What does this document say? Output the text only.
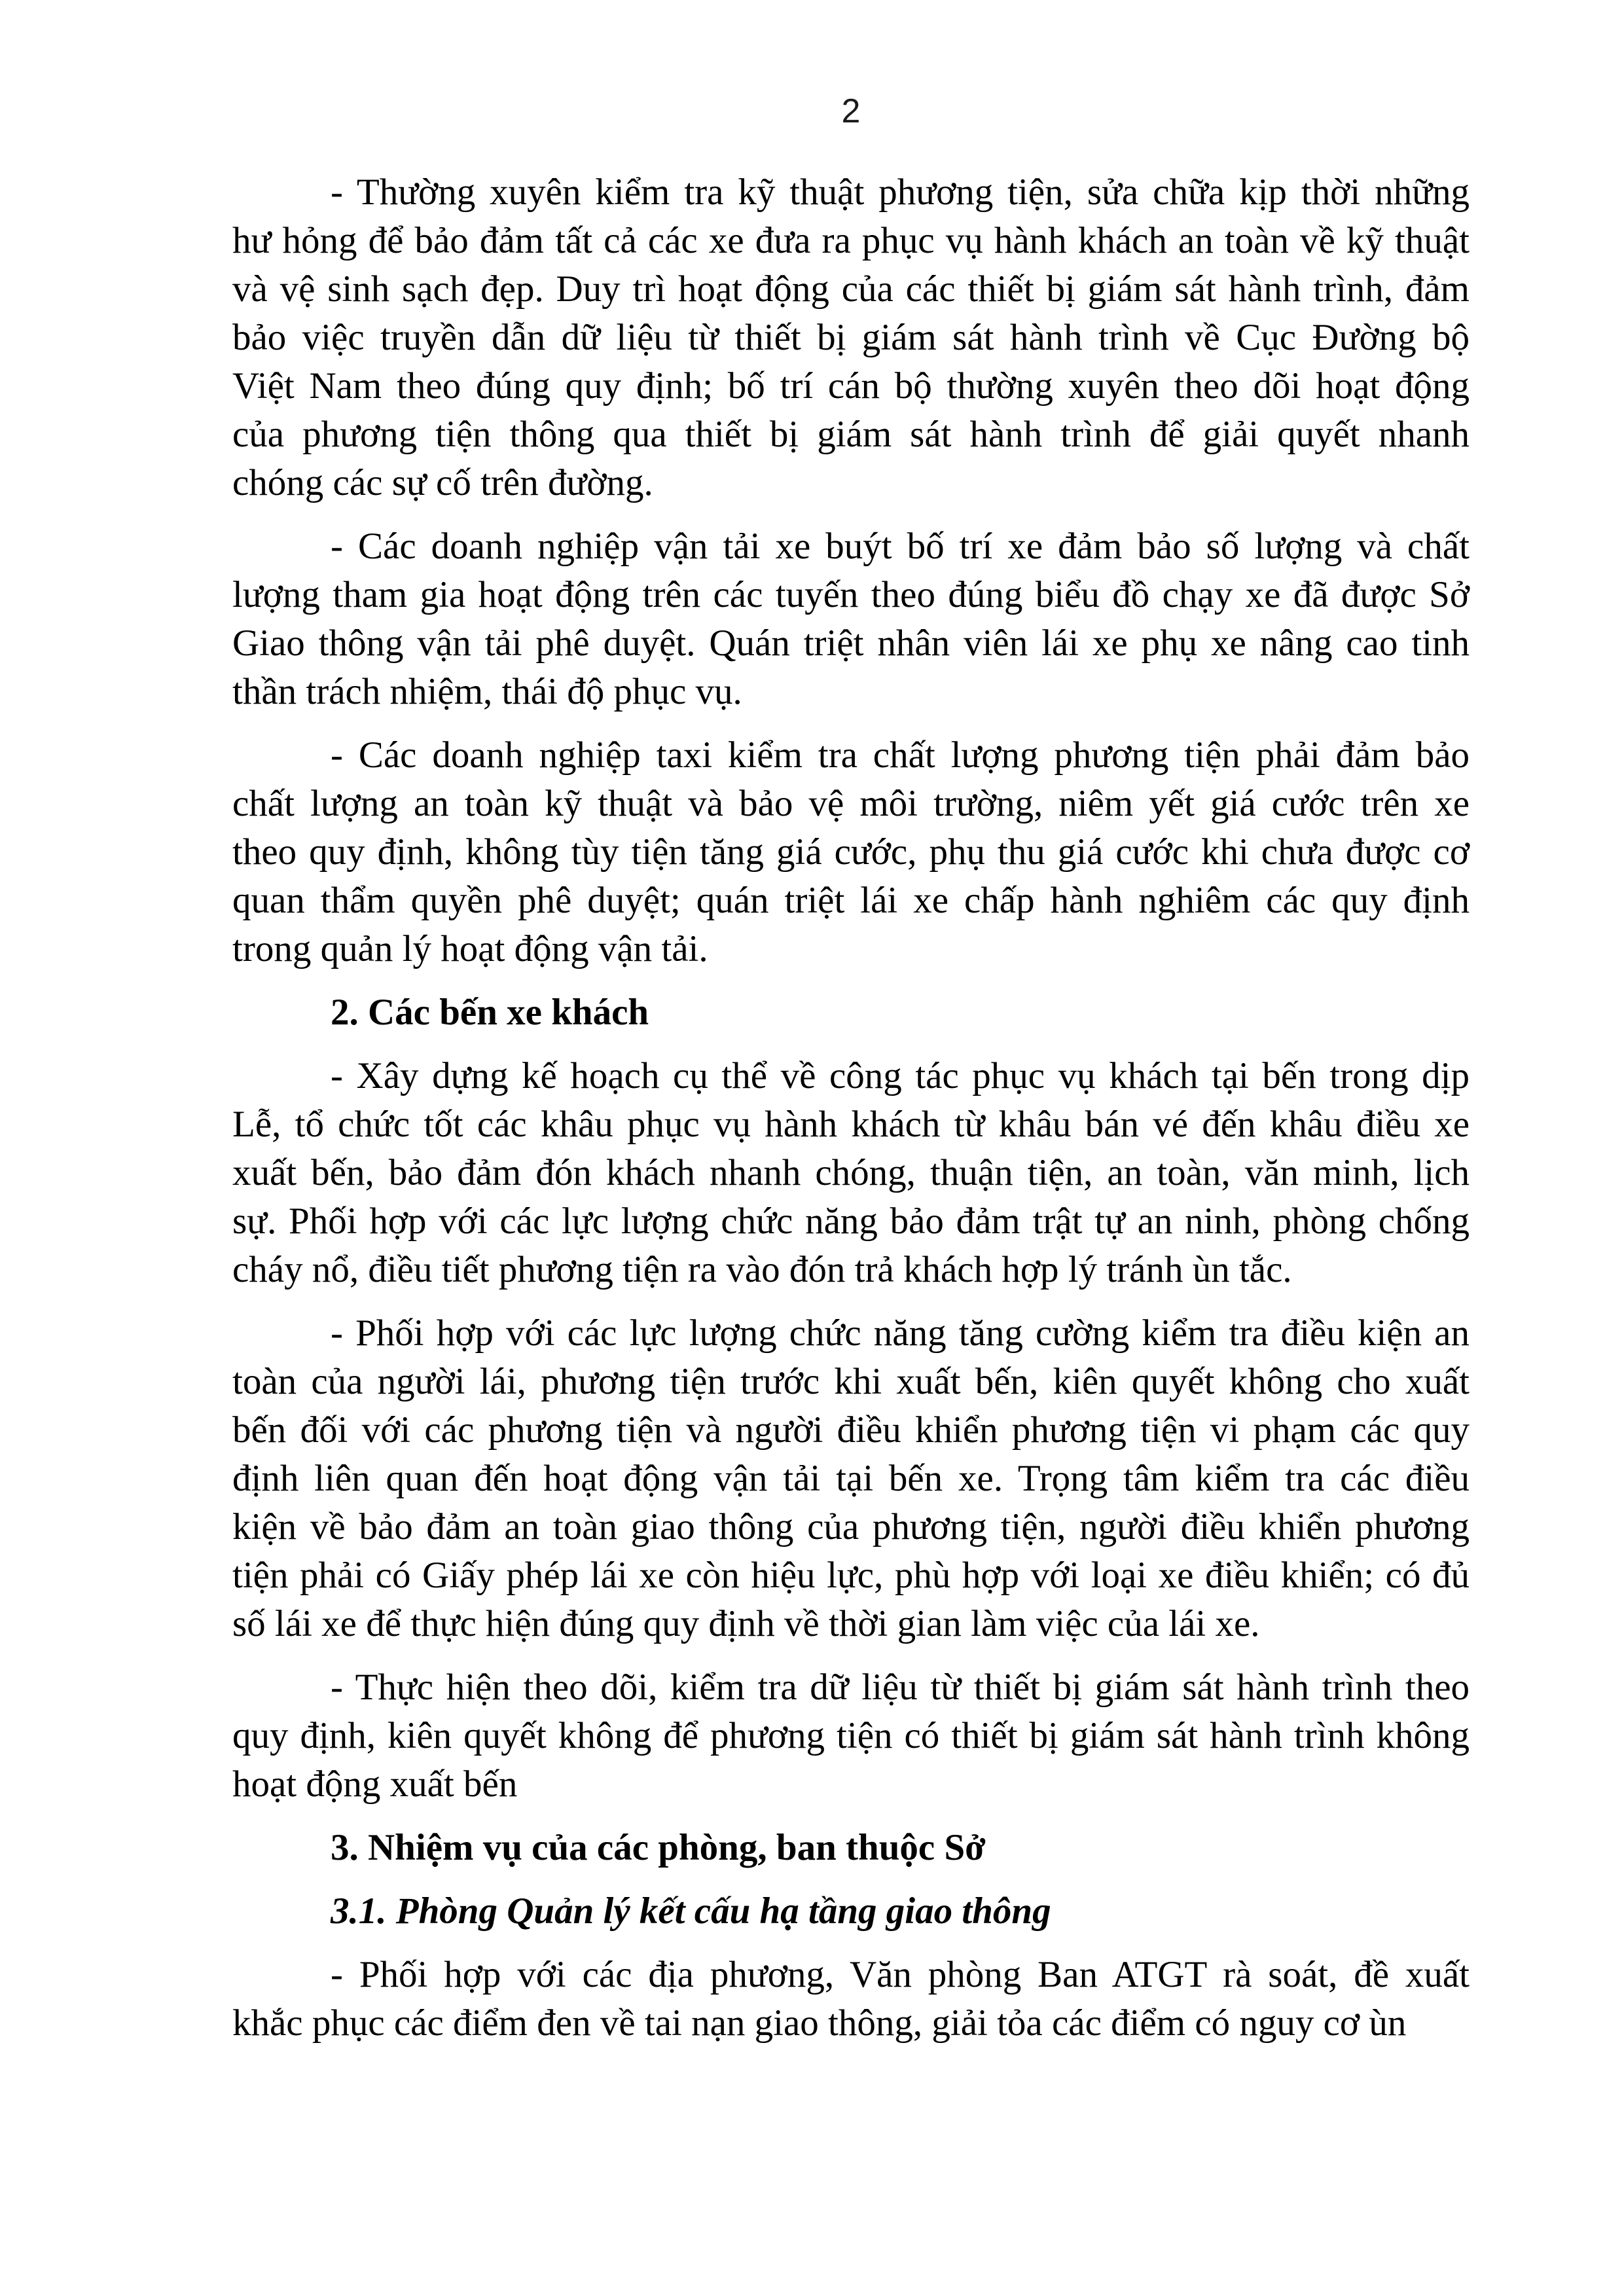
2
- Thường xuyên kiểm tra kỹ thuật phương tiện, sửa chữa kịp thời những
hư hỏng để bảo đảm tất cả các xe đưa ra phục vụ hành khách an toàn về kỹ thuật
và vệ sinh sạch đẹp. Duy trì hoạt động của các thiết bị giám sát hành trình, đảm
bảo việc truyền dẫn dữ liệu từ thiết bị giám sát hành trình về Cục Đường bộ
Việt Nam theo đúng quy định; bố trí cán bộ thường xuyên theo dõi hoạt động
của phương tiện thông qua thiết bị giám sát hành trình để giải quyết nhanh
chóng các sự cố trên đường.
- Các doanh nghiệp vận tải xe buýt bố trí xe đảm bảo số lượng và chất
lượng tham gia hoạt động trên các tuyến theo đúng biểu đồ chạy xe đã được Sở
Giao thông vận tải phê duyệt. Quán triệt nhân viên lái xe phụ xe nâng cao tinh
thần trách nhiệm, thái độ phục vụ.
- Các doanh nghiệp taxi kiểm tra chất lượng phương tiện phải đảm bảo
chất lượng an toàn kỹ thuật và bảo vệ môi trường, niêm yết giá cước trên xe
theo quy định, không tùy tiện tăng giá cước, phụ thu giá cước khi chưa được cơ
quan thẩm quyền phê duyệt; quán triệt lái xe chấp hành nghiêm các quy định
trong quản lý hoạt động vận tải.
2. Các bến xe khách
- Xây dựng kế hoạch cụ thể về công tác phục vụ khách tại bến trong dịp
Lễ, tổ chức tốt các khâu phục vụ hành khách từ khâu bán vé đến khâu điều xe
xuất bến, bảo đảm đón khách nhanh chóng, thuận tiện, an toàn, văn minh, lịch
sự. Phối hợp với các lực lượng chức năng bảo đảm trật tự an ninh, phòng chống
cháy nổ, điều tiết phương tiện ra vào đón trả khách hợp lý tránh ùn tắc.
- Phối hợp với các lực lượng chức năng tăng cường kiểm tra điều kiện an
toàn của người lái, phương tiện trước khi xuất bến, kiên quyết không cho xuất
bến đối với các phương tiện và người điều khiển phương tiện vi phạm các quy
định liên quan đến hoạt động vận tải tại bến xe. Trọng tâm kiểm tra các điều
kiện về bảo đảm an toàn giao thông của phương tiện, người điều khiển phương
tiện phải có Giấy phép lái xe còn hiệu lực, phù hợp với loại xe điều khiển; có đủ
số lái xe để thực hiện đúng quy định về thời gian làm việc của lái xe.
- Thực hiện theo dõi, kiểm tra dữ liệu từ thiết bị giám sát hành trình theo
quy định, kiên quyết không để phương tiện có thiết bị giám sát hành trình không
hoạt động xuất bến
3. Nhiệm vụ của các phòng, ban thuộc Sở
3.1. Phòng Quản lý kết cấu hạ tầng giao thông
- Phối hợp với các địa phương, Văn phòng Ban ATGT rà soát, đề xuất
khắc phục các điểm đen về tai nạn giao thông, giải tỏa các điểm có nguy cơ ùn
